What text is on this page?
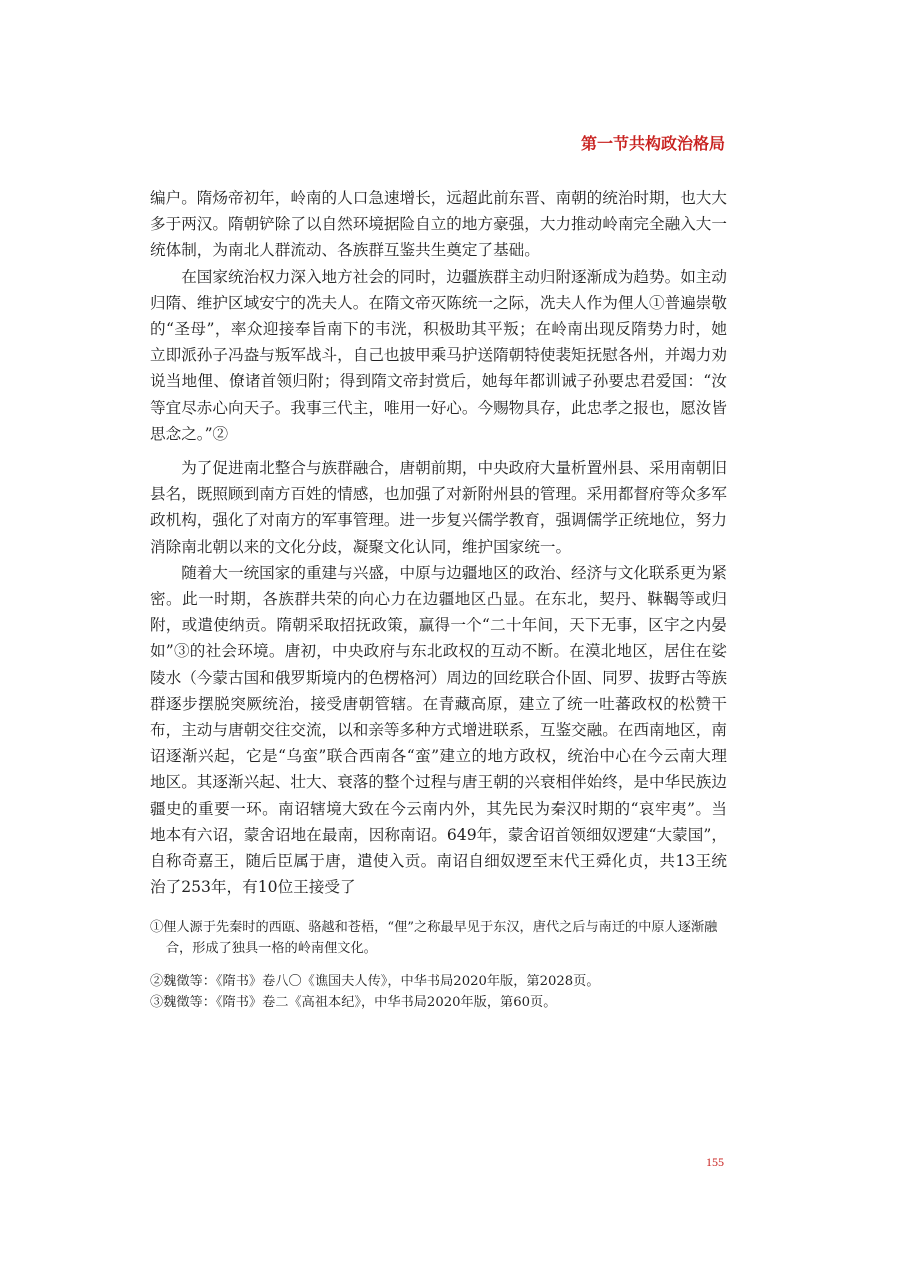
第一节共构政治格局

编户。隋炀帝初年，岭南的人口急速增长，远超此前东晋、南朝的统治时期，也大大多于两汉。隋朝铲除了以自然环境据险自立的地方豪强，大力推动岭南完全融入大一统体制，为南北人群流动、各族群互鉴共生奠定了基础。

在国家统治权力深入地方社会的同时，边疆族群主动归附逐渐成为趋势。如主动归隋、维护区域安宁的冼夫人。在隋文帝灭陈统一之际，冼夫人作为俚人①普遍崇敬的“圣母”，率众迎接奉旨南下的韦洸，积极助其平叛；在岭南出现反隋势力时，她立即派孙子冯盎与叛军战斗，自己也披甲乘马护送隋朝特使裴矩抚慰各州，并竭力劝说当地俚、僚诸首领归附；得到隋文帝封赏后，她每年都训诫子孙要忠君爱国：“汝等宜尽赤心向天子。我事三代主，唯用一好心。今赐物具存，此忠孝之报也，愿汝皆思念之。”②

为了促进南北整合与族群融合，唐朝前期，中央政府大量析置州县、采用南朝旧县名，既照顾到南方百姓的情感，也加强了对新附州县的管理。采用都督府等众多军政机构，强化了对南方的军事管理。进一步复兴儒学教育，强调儒学正统地位，努力消除南北朝以来的文化分歧，凝聚文化认同，维护国家统一。

随着大一统国家的重建与兴盛，中原与边疆地区的政治、经济与文化联系更为紧密。此一时期，各族群共荣的向心力在边疆地区凸显。在东北，契丹、靺鞨等或归附，或遣使纳贡。隋朝采取招抚政策，赢得一个“二十年间，天下无事，区宇之内晏如”③的社会环境。唐初，中央政府与东北政权的互动不断。在漠北地区，居住在娑陵水（今蒙古国和俄罗斯境内的色楞格河）周边的回纥联合仆固、同罗、拔野古等族群逐步摆脱突厥统治，接受唐朝管辖。在青藏高原，建立了统一吐蕃政权的松赞干布，主动与唐朝交往交流，以和亲等多种方式增进联系，互鉴交融。在西南地区，南诏逐渐兴起，它是“乌蛮”联合西南各“蛮”建立的地方政权，统治中心在今云南大理地区。其逐渐兴起、壮大、衰落的整个过程与唐王朝的兴衰相伴始终，是中华民族边疆史的重要一环。南诏辖境大致在今云南内外，其先民为秦汉时期的“哀牢夷”。当地本有六诏，蒙舍诏地在最南，因称南诏。649年，蒙舍诏首领细奴逻建“大蒙国”，自称奇嘉王，随后臣属于唐，遣使入贡。南诏自细奴逻至末代王舜化贞，共13王统治了253年，有10位王接受了

①俚人源于先秦时的西瓯、骆越和苍梧，“俚”之称最早见于东汉，唐代之后与南迁的中原人逐渐融合，形成了独具一格的岭南俚文化。

②魏徵等：《隋书》卷八〇《谯国夫人传》，中华书局2020年版，第2028页。

③魏徵等：《隋书》卷二《高祖本纪》，中华书局2020年版，第60页。

155
